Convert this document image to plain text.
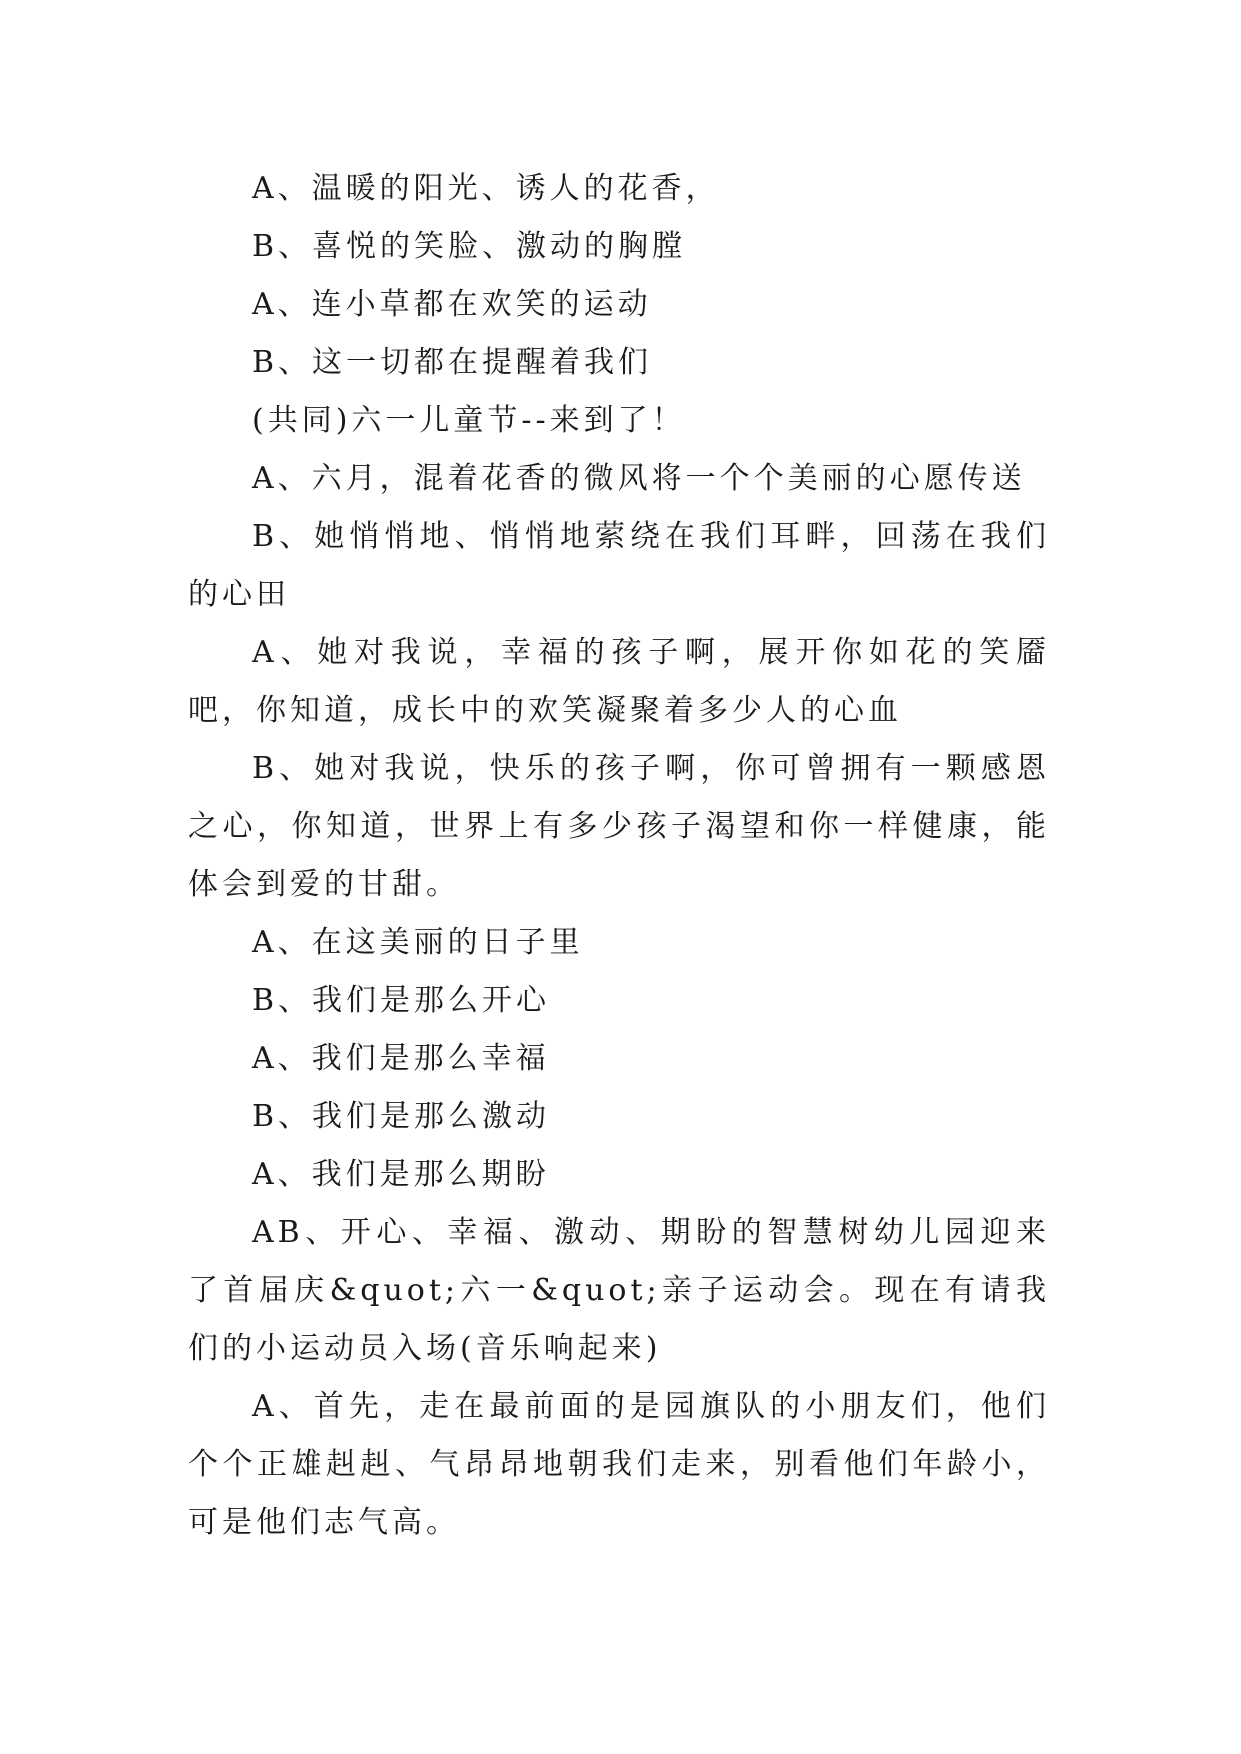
A、温暖的阳光、诱人的花香，

B、喜悦的笑脸、激动的胸膛

A、连小草都在欢笑的运动

B、这一切都在提醒着我们

(共同)六一儿童节--来到了！

A、六月，混着花香的微风将一个个美丽的心愿传送

B、她悄悄地、悄悄地萦绕在我们耳畔，回荡在我们的心田

A、她对我说，幸福的孩子啊，展开你如花的笑靥吧，你知道，成长中的欢笑凝聚着多少人的心血

B、她对我说，快乐的孩子啊，你可曾拥有一颗感恩之心，你知道，世界上有多少孩子渴望和你一样健康，能体会到爱的甘甜。

A、在这美丽的日子里

B、我们是那么开心

A、我们是那么幸福

B、我们是那么激动

A、我们是那么期盼

AB、开心、幸福、激动、期盼的智慧树幼儿园迎来了首届庆&quot;六一&quot;亲子运动会。现在有请我们的小运动员入场(音乐响起来)

A、首先，走在最前面的是园旗队的小朋友们，他们个个正雄赳赳、气昂昂地朝我们走来，别看他们年龄小，可是他们志气高。
